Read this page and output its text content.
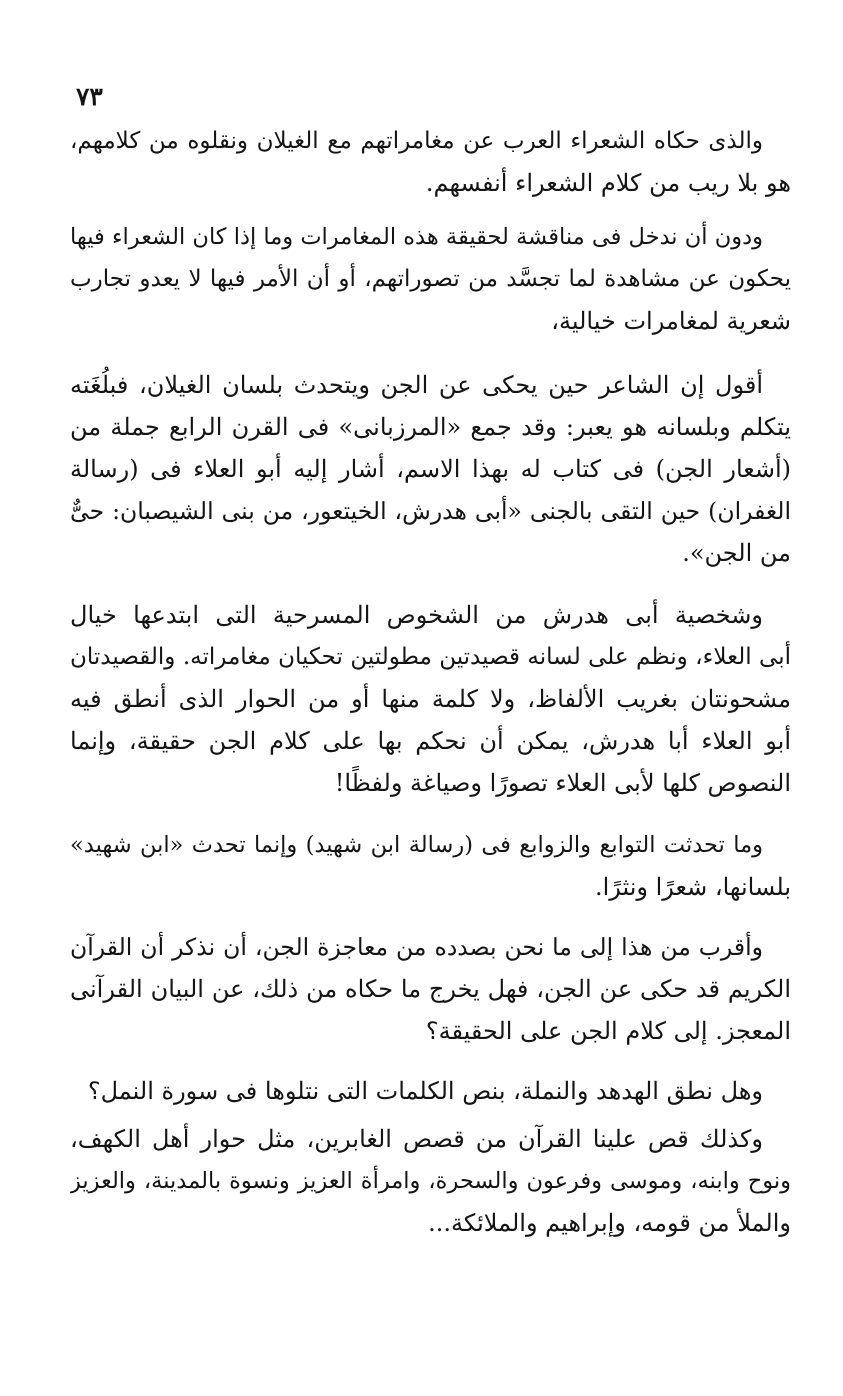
٧٣
والذى حكاه الشعراء العرب عن مغامراتهم مع الغيلان ونقلوه من كلامهم،
هو بلا ريب من كلام الشعراء أنفسهم.
ودون أن ندخل فى مناقشة لحقيقة هذه المغامرات وما إذا كان الشعراء فيها
يحكون عن مشاهدة لما تجسَّد من تصوراتهم، أو أن الأمر فيها لا يعدو تجارب
شعرية لمغامرات خيالية،
أقول إن الشاعر حين يحكى عن الجن ويتحدث بلسان الغيلان، فبلُغَته
يتكلم وبلسانه هو يعبر: وقد جمع «المرزبانى» فى القرن الرابع جملة من
(أشعار الجن) فى كتاب له بهذا الاسم، أشار إليه أبو العلاء فى (رسالة
الغفران) حين التقى بالجنى «أبى هدرش، الخيتعور، من بنى الشيصبان: حىٌّ
من الجن».
وشخصية أبى هدرش من الشخوص المسرحية التى ابتدعها خيال
أبى العلاء، ونظم على لسانه قصيدتين مطولتين تحكيان مغامراته. والقصيدتان
مشحونتان بغريب الألفاظ، ولا كلمة منها أو من الحوار الذى أنطق فيه
أبو العلاء أبا هدرش، يمكن أن نحكم بها على كلام الجن حقيقة، وإنما
النصوص كلها لأبى العلاء تصورًا وصياغة ولفظًا!
وما تحدثت التوابع والزوابع فى (رسالة ابن شهيد) وإنما تحدث «ابن شهيد»
بلسانها، شعرًا ونثرًا.
وأقرب من هذا إلى ما نحن بصدده من معاجزة الجن، أن نذكر أن القرآن
الكريم قد حكى عن الجن، فهل يخرج ما حكاه من ذلك، عن البيان القرآنى
المعجز. إلى كلام الجن على الحقيقة؟
وهل نطق الهدهد والنملة، بنص الكلمات التى نتلوها فى سورة النمل؟
وكذلك قص علينا القرآن من قصص الغابرين، مثل حوار أهل الكهف،
ونوح وابنه، وموسى وفرعون والسحرة، وامرأة العزيز ونسوة بالمدينة، والعزيز
والملأ من قومه، وإبراهيم والملائكة...
